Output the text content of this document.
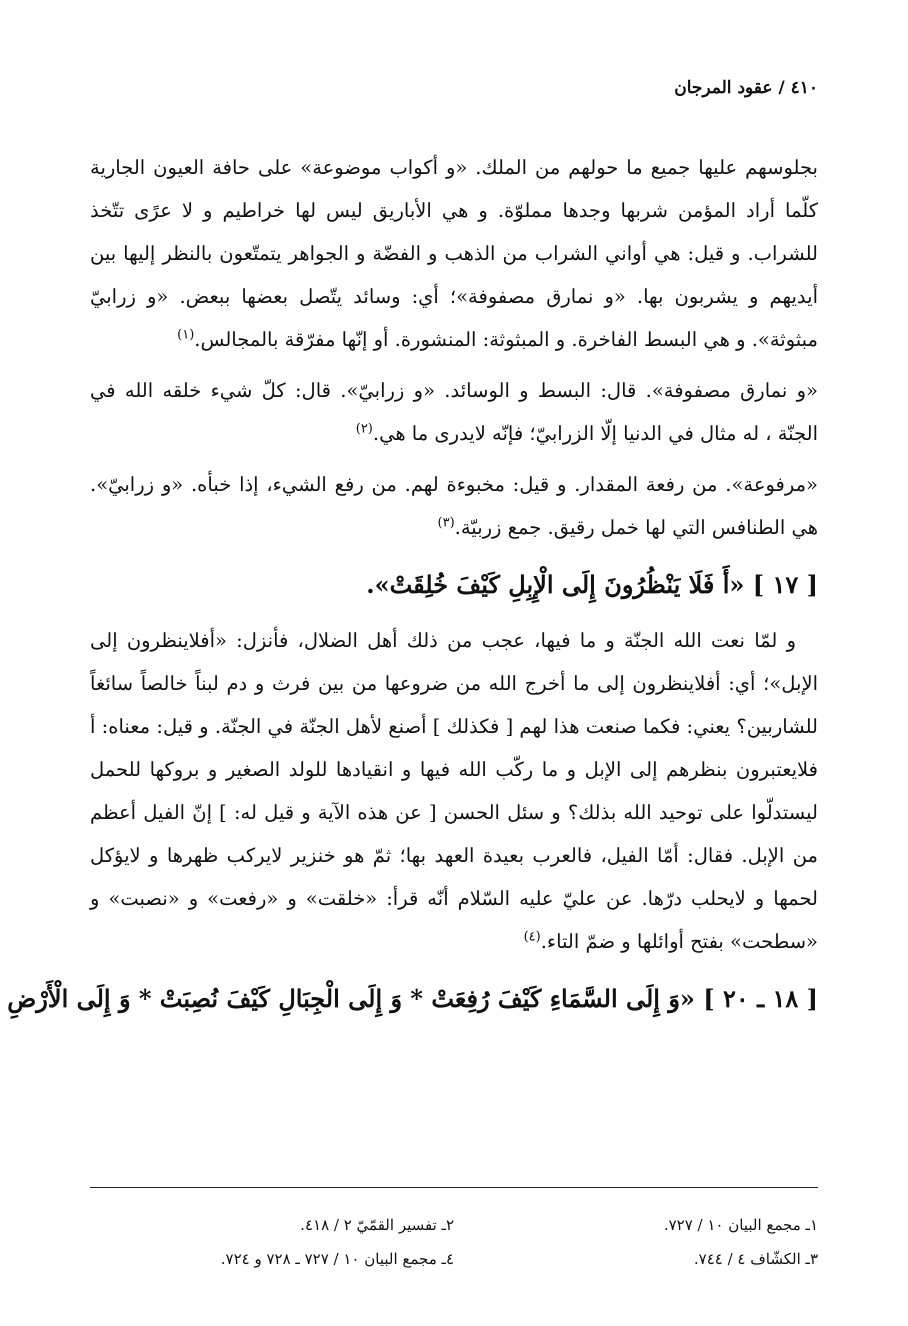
٤١٠ / عقود المرجان

بجلوسهم عليها جميع ما حولهم من الملك. «و أكواب موضوعة» على حافة العيون الجارية كلّما أراد المؤمن شربها وجدها مملوّة. و هي الأباريق ليس لها خراطيم و لا عرًى تتّخذ للشراب. و قيل: هي أواني الشراب من الذهب و الفضّة و الجواهر يتمتّعون بالنظر إليها بين أيديهم و يشربون بها. «و نمارق مصفوفة»؛ أي: وسائد يتّصل بعضها ببعض. «و زرابيّ مبثوثة». و هي البسط الفاخرة. و المبثوثة: المنشورة. أو إنّها مفرّقة بالمجالس.$^{(١)}$

«و نمارق مصفوفة». قال: البسط و الوسائد. «و زرابيّ». قال: كلّ شيء خلقه الله في الجنّة ، له مثال في الدنيا إلّا الزرابيّ؛ فإنّه لايدرى ما هي.$^{(٢)}$

«مرفوعة». من رفعة المقدار. و قيل: مخبوءة لهم. من رفع الشيء، إذا خبأه. «و زرابيّ». هي الطنافس التي لها خمل رقيق. جمع زربيّة.$^{(٣)}$

[ ١٧ ] «أَ فَلَا يَنْظُرُونَ إِلَى الْإِبِلِ كَيْفَ خُلِقَتْ».

و لمّا نعت الله الجنّة و ما فيها، عجب من ذلك أهل الضلال، فأنزل: «أفلاينظرون إلى الإبل»؛ أي: أفلاينظرون إلى ما أخرج الله من ضروعها من بين فرث و دم لبناً خالصاً سائغاً للشاربين؟ يعني: فكما صنعت هذا لهم [ فكذلك ] أصنع لأهل الجنّة في الجنّة. و قيل: معناه: أ فلايعتبرون بنظرهم إلى الإبل و ما ركّب الله فيها و انقيادها للولد الصغير و بروكها للحمل ليستدلّوا على توحيد الله بذلك؟ و سئل الحسن [ عن هذه الآية و قيل له: ] إنّ الفيل أعظم من الإبل. فقال: أمّا الفيل، فالعرب بعيدة العهد بها؛ ثمّ هو خنزير لايركب ظهرها و لايؤكل لحمها و لايحلب درّها. عن عليّ عليه السّلام أنّه قرأ: «خلقت» و «رفعت» و «نصبت» و «سطحت» بفتح أوائلها و ضمّ التاء.$^{(٤)}$

[ ١٨ ـ ٢٠ ] «وَ إِلَى السَّمَاءِ كَيْفَ رُفِعَتْ * وَ إِلَى الْجِبَالِ كَيْفَ نُصِبَتْ * وَ إِلَى الْأَرْضِ
١ـ مجمع البيان ١٠ / ٧٢٧.
٢ـ تفسير القمّيّ ٢ / ٤١٨.
٣ـ الكشّاف ٤ / ٧٤٤.
٤ـ مجمع البيان ١٠ / ٧٢٧ ـ ٧٢٨ و ٧٢٤.
